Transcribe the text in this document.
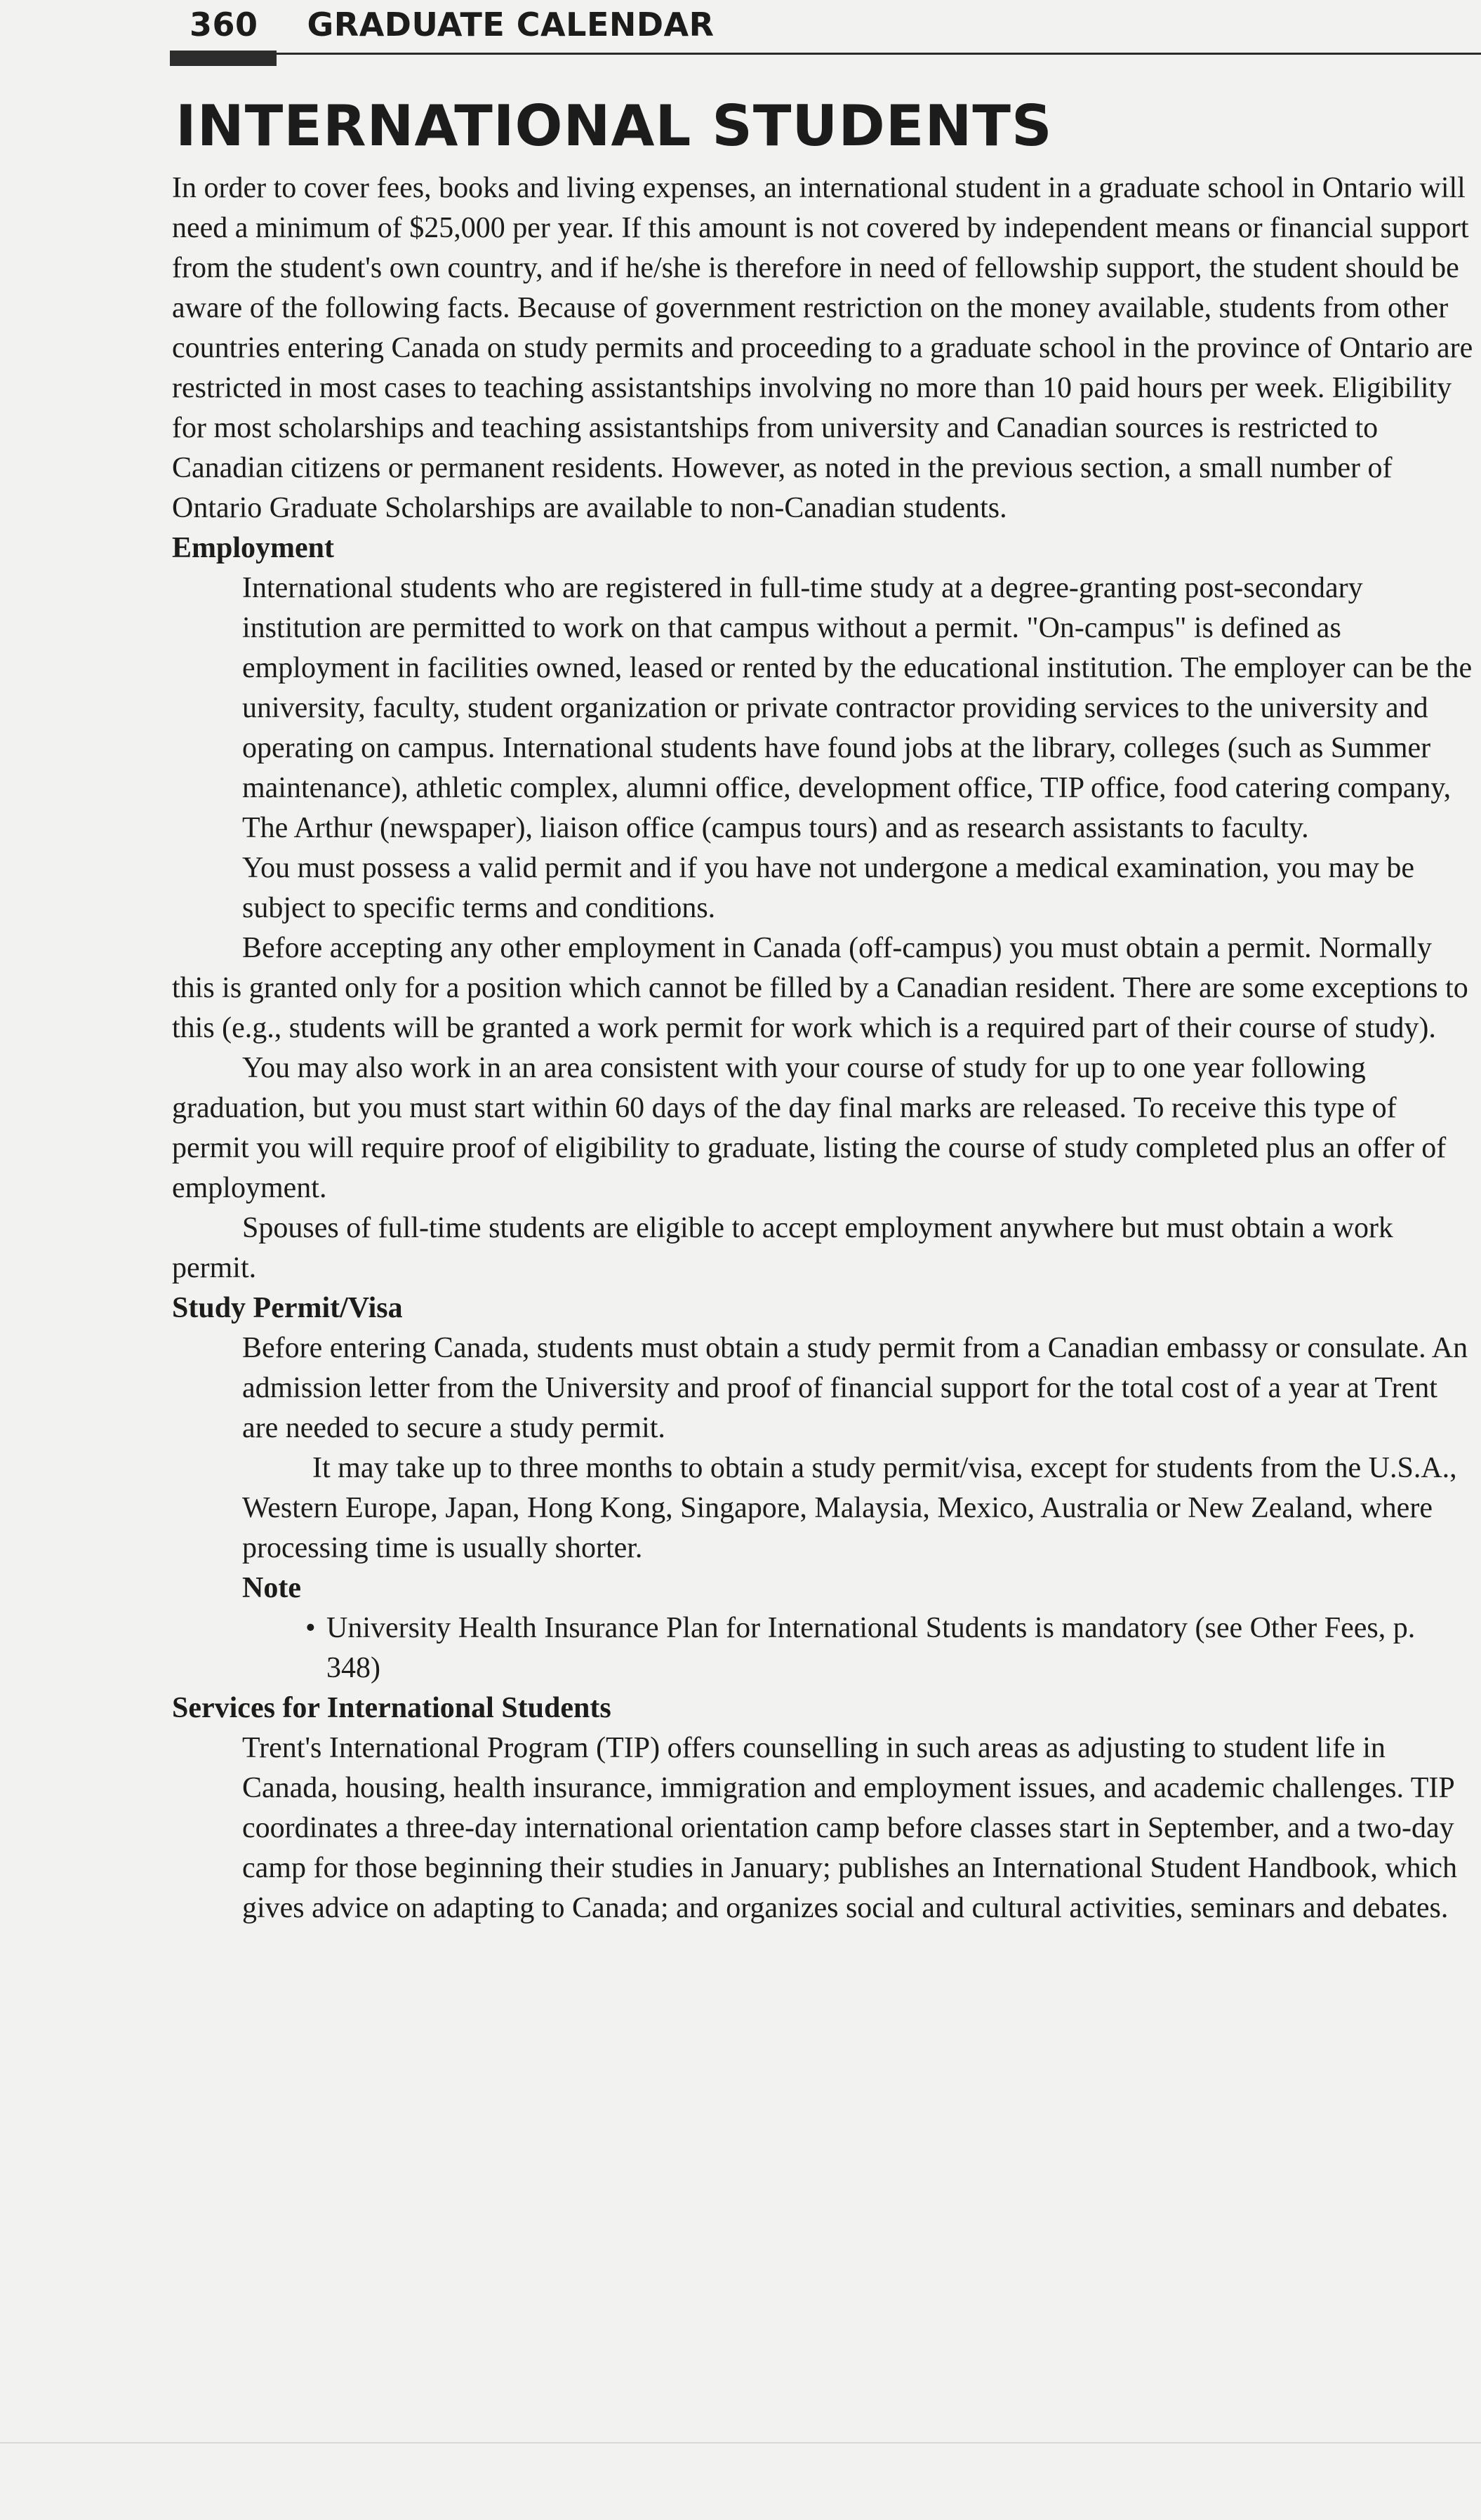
360 GRADUATE CALENDAR
INTERNATIONAL STUDENTS

In order to cover fees, books and living expenses, an international student in a graduate school in Ontario will need a minimum of $25,000 per year. If this amount is not covered by independent means or financial support from the student's own country, and if he/she is therefore in need of fellowship support, the student should be aware of the following facts. Because of government restriction on the money available, students from other countries entering Canada on study permits and proceeding to a graduate school in the province of Ontario are restricted in most cases to teaching assistantships involving no more than 10 paid hours per week. Eligibility for most scholarships and teaching assistantships from university and Canadian sources is restricted to Canadian citizens or permanent residents. However, as noted in the previous section, a small number of Ontario Graduate Scholarships are available to non-Canadian students.

Employment

International students who are registered in full-time study at a degree-granting post-secondary institution are permitted to work on that campus without a permit. "On-campus" is defined as employment in facilities owned, leased or rented by the educational institution. The employer can be the university, faculty, student organization or private contractor providing services to the university and operating on campus. International students have found jobs at the library, colleges (such as Summer maintenance), athletic complex, alumni office, development office, TIP office, food catering company, The Arthur (newspaper), liaison office (campus tours) and as research assistants to faculty.

You must possess a valid permit and if you have not undergone a medical examination, you may be subject to specific terms and conditions.

Before accepting any other employment in Canada (off-campus) you must obtain a permit. Normally this is granted only for a position which cannot be filled by a Canadian resident. There are some exceptions to this (e.g., students will be granted a work permit for work which is a required part of their course of study).

You may also work in an area consistent with your course of study for up to one year following graduation, but you must start within 60 days of the day final marks are released. To receive this type of permit you will require proof of eligibility to graduate, listing the course of study completed plus an offer of employment.

Spouses of full-time students are eligible to accept employment anywhere but must obtain a work permit.

Study Permit/Visa

Before entering Canada, students must obtain a study permit from a Canadian embassy or consulate. An admission letter from the University and proof of financial support for the total cost of a year at Trent are needed to secure a study permit.

It may take up to three months to obtain a study permit/visa, except for students from the U.S.A., Western Europe, Japan, Hong Kong, Singapore, Malaysia, Mexico, Australia or New Zealand, where processing time is usually shorter.

Note

• University Health Insurance Plan for International Students is mandatory (see Other Fees, p. 348)

Services for International Students

Trent's International Program (TIP) offers counselling in such areas as adjusting to student life in Canada, housing, health insurance, immigration and employment issues, and academic challenges. TIP coordinates a three-day international orientation camp before classes start in September, and a two-day camp for those beginning their studies in January; publishes an International Student Handbook, which gives advice on adapting to Canada; and organizes social and cultural activities, seminars and debates.
